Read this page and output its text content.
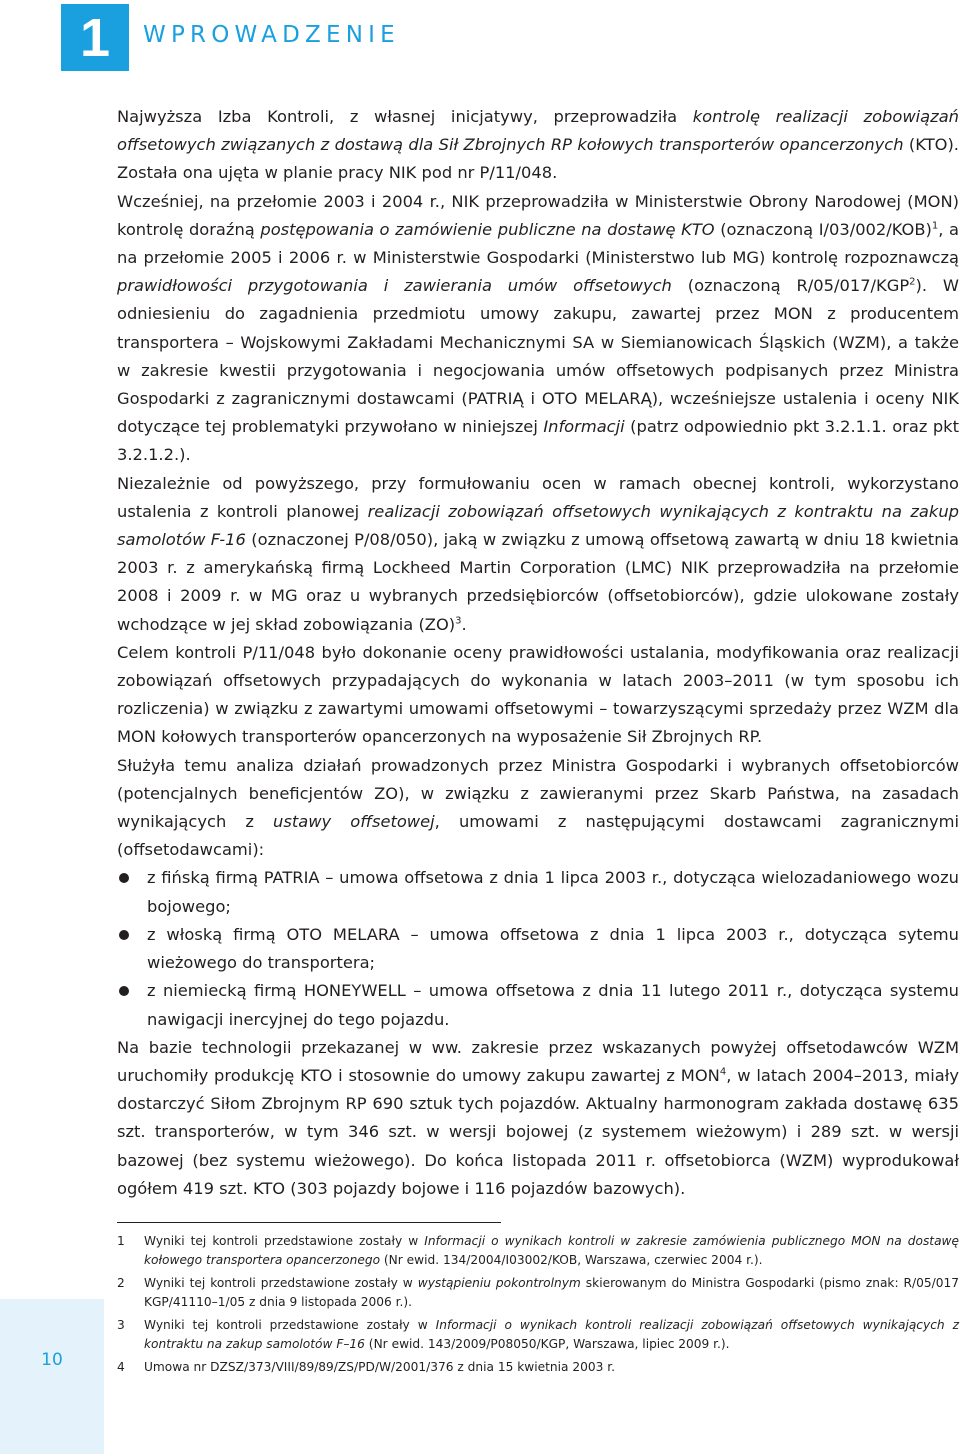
1 WPROWADZENIE

Najwyższa Izba Kontroli, z własnej inicjatywy, przeprowadziła kontrolę realizacji zobowiązań offsetowych związanych z dostawą dla Sił Zbrojnych RP kołowych transporterów opancerzonych (KTO). Została ona ujęta w planie pracy NIK pod nr P/11/048.

Wcześniej, na przełomie 2003 i 2004 r., NIK przeprowadziła w Ministerstwie Obrony Narodowej (MON) kontrolę doraźną postępowania o zamówienie publiczne na dostawę KTO (oznaczoną I/03/002/KOB)$^1$, a na przełomie 2005 i 2006 r. w Ministerstwie Gospodarki (Ministerstwo lub MG) kontrolę rozpoznawczą prawidłowości przygotowania i zawierania umów offsetowych (oznaczoną R/05/017/KGP$^2$). W odniesieniu do zagadnienia przedmiotu umowy zakupu, zawartej przez MON z producentem transportera – Wojskowymi Zakładami Mechanicznymi SA w Siemianowicach Śląskich (WZM), a także w zakresie kwestii przygotowania i negocjowania umów offsetowych podpisanych przez Ministra Gospodarki z zagranicznymi dostawcami (PATRIĄ i OTO MELARĄ), wcześniejsze ustalenia i oceny NIK dotyczące tej problematyki przywołano w niniejszej Informacji (patrz odpowiednio pkt 3.2.1.1. oraz pkt 3.2.1.2.).

Niezależnie od powyższego, przy formułowaniu ocen w ramach obecnej kontroli, wykorzystano ustalenia z kontroli planowej realizacji zobowiązań offsetowych wynikających z kontraktu na zakup samolotów F-16 (oznaczonej P/08/050), jaką w związku z umową offsetową zawartą w dniu 18 kwietnia 2003 r. z amerykańską firmą Lockheed Martin Corporation (LMC) NIK przeprowadziła na przełomie 2008 i 2009 r. w MG oraz u wybranych przedsiębiorców (offsetobiorców), gdzie ulokowane zostały wchodzące w jej skład zobowiązania (ZO)$^3$.

Celem kontroli P/11/048 było dokonanie oceny prawidłowości ustalania, modyfikowania oraz realizacji zobowiązań offsetowych przypadających do wykonania w latach 2003–2011 (w tym sposobu ich rozliczenia) w związku z zawartymi umowami offsetowymi – towarzyszącymi sprzedaży przez WZM dla MON kołowych transporterów opancerzonych na wyposażenie Sił Zbrojnych RP.

Służyła temu analiza działań prowadzonych przez Ministra Gospodarki i wybranych offsetobiorców (potencjalnych beneficjentów ZO), w związku z zawieranymi przez Skarb Państwa, na zasadach wynikających z ustawy offsetowej, umowami z następującymi dostawcami zagranicznymi (offsetodawcami):

z fińską firmą PATRIA – umowa offsetowa z dnia 1 lipca 2003 r., dotycząca wielozadaniowego wozu bojowego;
z włoską firmą OTO MELARA – umowa offsetowa z dnia 1 lipca 2003 r., dotycząca sytemu wieżowego do transportera;
z niemiecką firmą HONEYWELL – umowa offsetowa z dnia 11 lutego 2011 r., dotycząca systemu nawigacji inercyjnej do tego pojazdu.

Na bazie technologii przekazanej w ww. zakresie przez wskazanych powyżej offsetodawców WZM uruchomiły produkcję KTO i stosownie do umowy zakupu zawartej z MON$^4$, w latach 2004–2013, miały dostarczyć Siłom Zbrojnym RP 690 sztuk tych pojazdów. Aktualny harmonogram zakłada dostawę 635 szt. transporterów, w tym 346 szt. w wersji bojowej (z systemem wieżowym) i 289 szt. w wersji bazowej (bez systemu wieżowego). Do końca listopada 2011 r. offsetobiorca (WZM) wyprodukował ogółem 419 szt. KTO (303 pojazdy bojowe i 116 pojazdów bazowych).

1 Wyniki tej kontroli przedstawione zostały w Informacji o wynikach kontroli w zakresie zamówienia publicznego MON na dostawę kołowego transportera opancerzonego (Nr ewid. 134/2004/I03002/KOB, Warszawa, czerwiec 2004 r.).

2 Wyniki tej kontroli przedstawione zostały w wystąpieniu pokontrolnym skierowanym do Ministra Gospodarki (pismo znak: R/05/017 KGP/41110–1/05 z dnia 9 listopada 2006 r.).

3 Wyniki tej kontroli przedstawione zostały w Informacji o wynikach kontroli realizacji zobowiązań offsetowych wynikających z kontraktu na zakup samolotów F–16 (Nr ewid. 143/2009/P08050/KGP, Warszawa, lipiec 2009 r.).

4 Umowa nr DZSZ/373/VIII/89/89/ZS/PD/W/2001/376 z dnia 15 kwietnia 2003 r.

10
